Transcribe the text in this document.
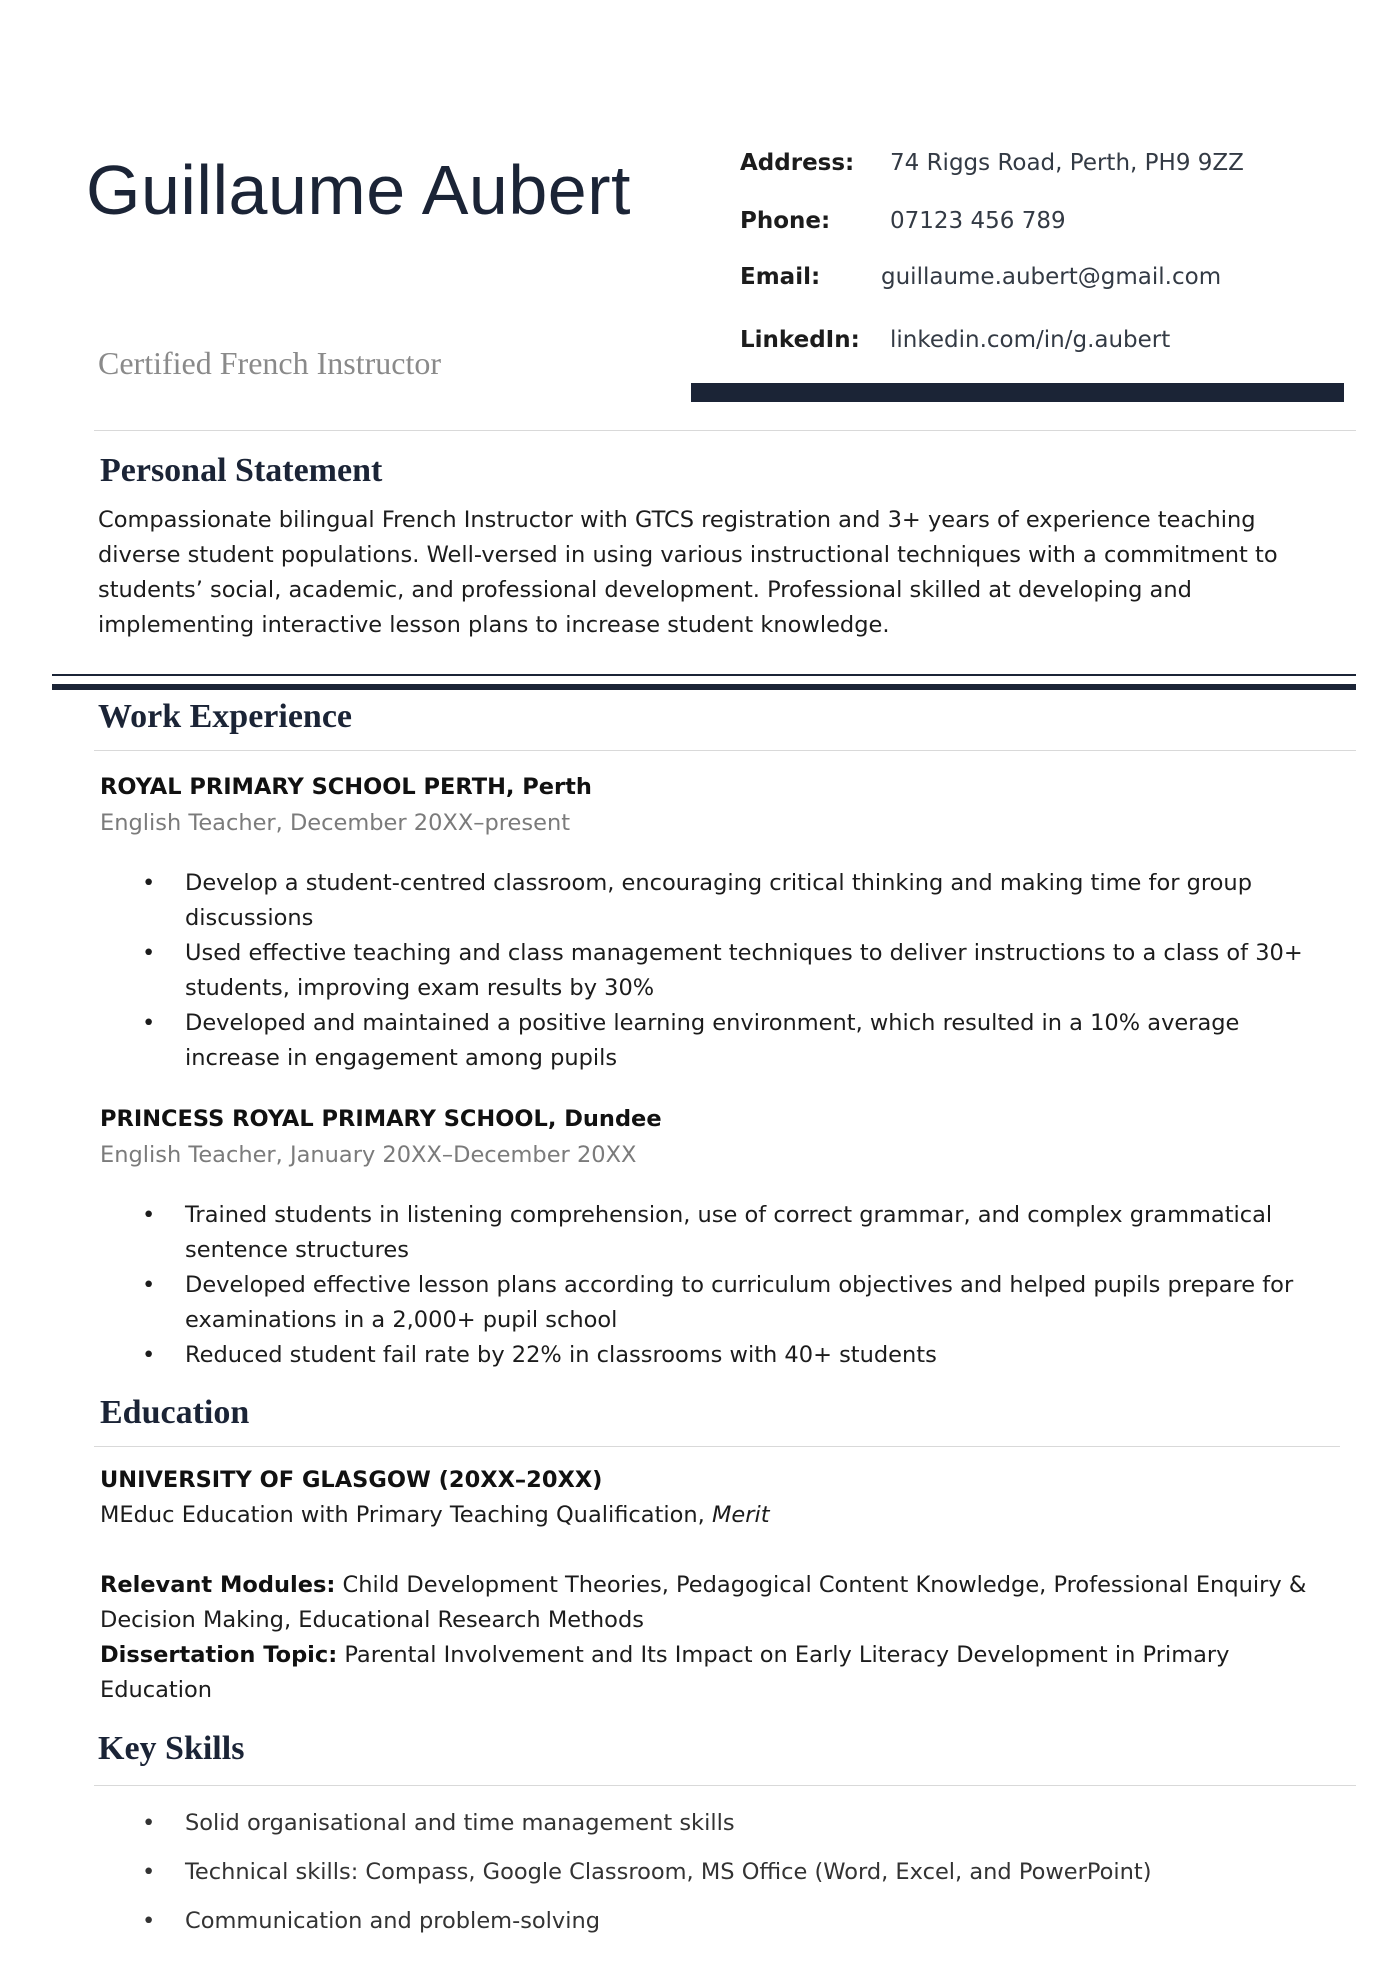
Guillaume Aubert
Certified French Instructor
Address:	74 Riggs Road, Perth, PH9 9ZZ
Phone:	07123 456 789
Email:	guillaume.aubert@gmail.com
LinkedIn:	linkedin.com/in/g.aubert
Personal Statement
Compassionate bilingual French Instructor with GTCS registration and 3+ years of experience teaching diverse student populations. Well-versed in using various instructional techniques with a commitment to students’ social, academic, and professional development. Professional skilled at developing and implementing interactive lesson plans to increase student knowledge.
Work Experience
ROYAL PRIMARY SCHOOL PERTH, Perth
English Teacher, December 20XX–present
• Develop a student-centred classroom, encouraging critical thinking and making time for group discussions
• Used effective teaching and class management techniques to deliver instructions to a class of 30+ students, improving exam results by 30%
• Developed and maintained a positive learning environment, which resulted in a 10% average increase in engagement among pupils
PRINCESS ROYAL PRIMARY SCHOOL, Dundee
English Teacher, January 20XX–December 20XX
• Trained students in listening comprehension, use of correct grammar, and complex grammatical sentence structures
• Developed effective lesson plans according to curriculum objectives and helped pupils prepare for examinations in a 2,000+ pupil school
• Reduced student fail rate by 22% in classrooms with 40+ students
Education
UNIVERSITY OF GLASGOW (20XX–20XX)
MEduc Education with Primary Teaching Qualification, Merit
Relevant Modules: Child Development Theories, Pedagogical Content Knowledge, Professional Enquiry & Decision Making, Educational Research Methods
Dissertation Topic: Parental Involvement and Its Impact on Early Literacy Development in Primary Education
Key Skills
• Solid organisational and time management skills
• Technical skills: Compass, Google Classroom, MS Office (Word, Excel, and PowerPoint)
• Communication and problem-solving
